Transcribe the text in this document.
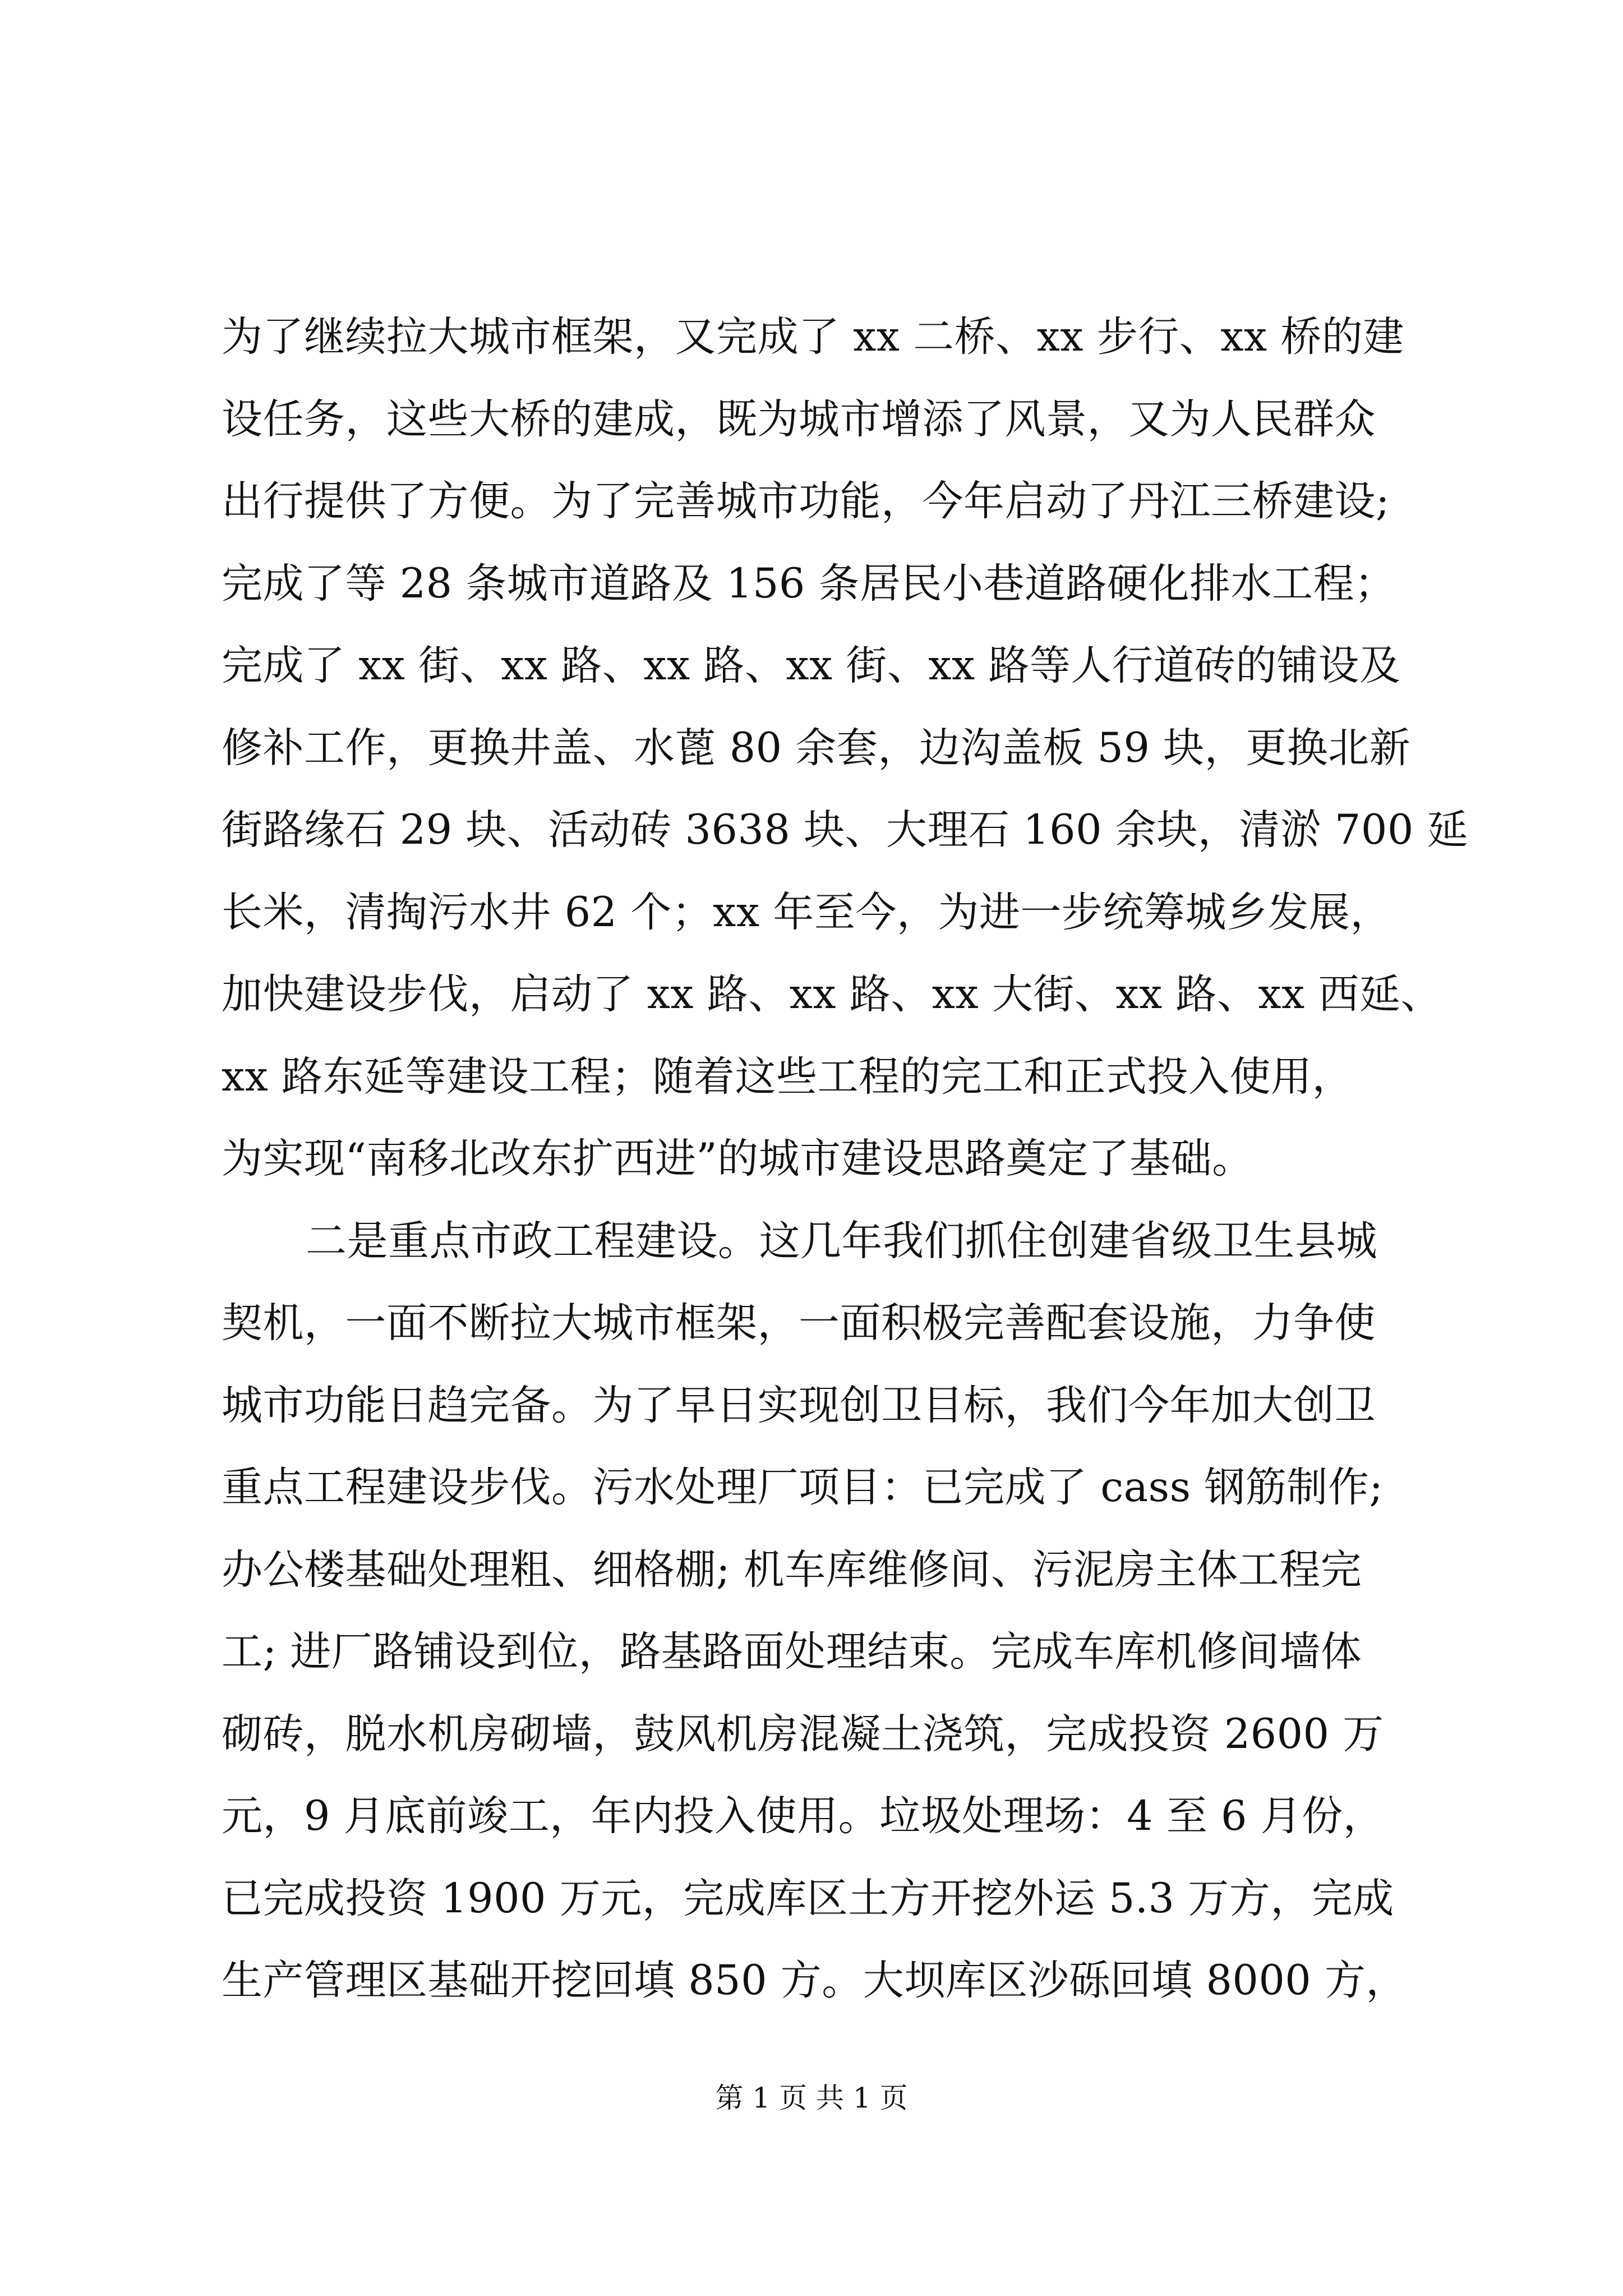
为了继续拉大城市框架，又完成了 xx 二桥、xx 步行、xx 桥的建
设任务，这些大桥的建成，既为城市增添了风景，又为人民群众
出行提供了方便。为了完善城市功能，今年启动了丹江三桥建设;
完成了等 28 条城市道路及 156 条居民小巷道路硬化排水工程；
完成了 xx 街、xx 路、xx 路、xx 街、xx 路等人行道砖的铺设及
修补工作，更换井盖、水蓖 80 余套，边沟盖板 59 块，更换北新
街路缘石 29 块、活动砖 3638 块、大理石 160 余块，清淤 700 延
长米，清掏污水井 62 个；xx 年至今，为进一步统筹城乡发展，
加快建设步伐，启动了 xx 路、xx 路、xx 大街、xx 路、xx 西延、
xx 路东延等建设工程；随着这些工程的完工和正式投入使用，
为实现“南移北改东扩西进”的城市建设思路奠定了基础。
二是重点市政工程建设。这几年我们抓住创建省级卫生县城
契机，一面不断拉大城市框架，一面积极完善配套设施，力争使
城市功能日趋完备。为了早日实现创卫目标，我们今年加大创卫
重点工程建设步伐。污水处理厂项目：已完成了 cass 钢筋制作;
办公楼基础处理粗、细格棚; 机车库维修间、污泥房主体工程完
工; 进厂路铺设到位，路基路面处理结束。完成车库机修间墙体
砌砖，脱水机房砌墙，鼓风机房混凝土浇筑，完成投资 2600 万
元，9 月底前竣工，年内投入使用。垃圾处理场：4 至 6 月份，
已完成投资 1900 万元，完成库区土方开挖外运 5.3 万方，完成
生产管理区基础开挖回填 850 方。大坝库区沙砾回填 8000 方，
第 1 页 共 1 页
